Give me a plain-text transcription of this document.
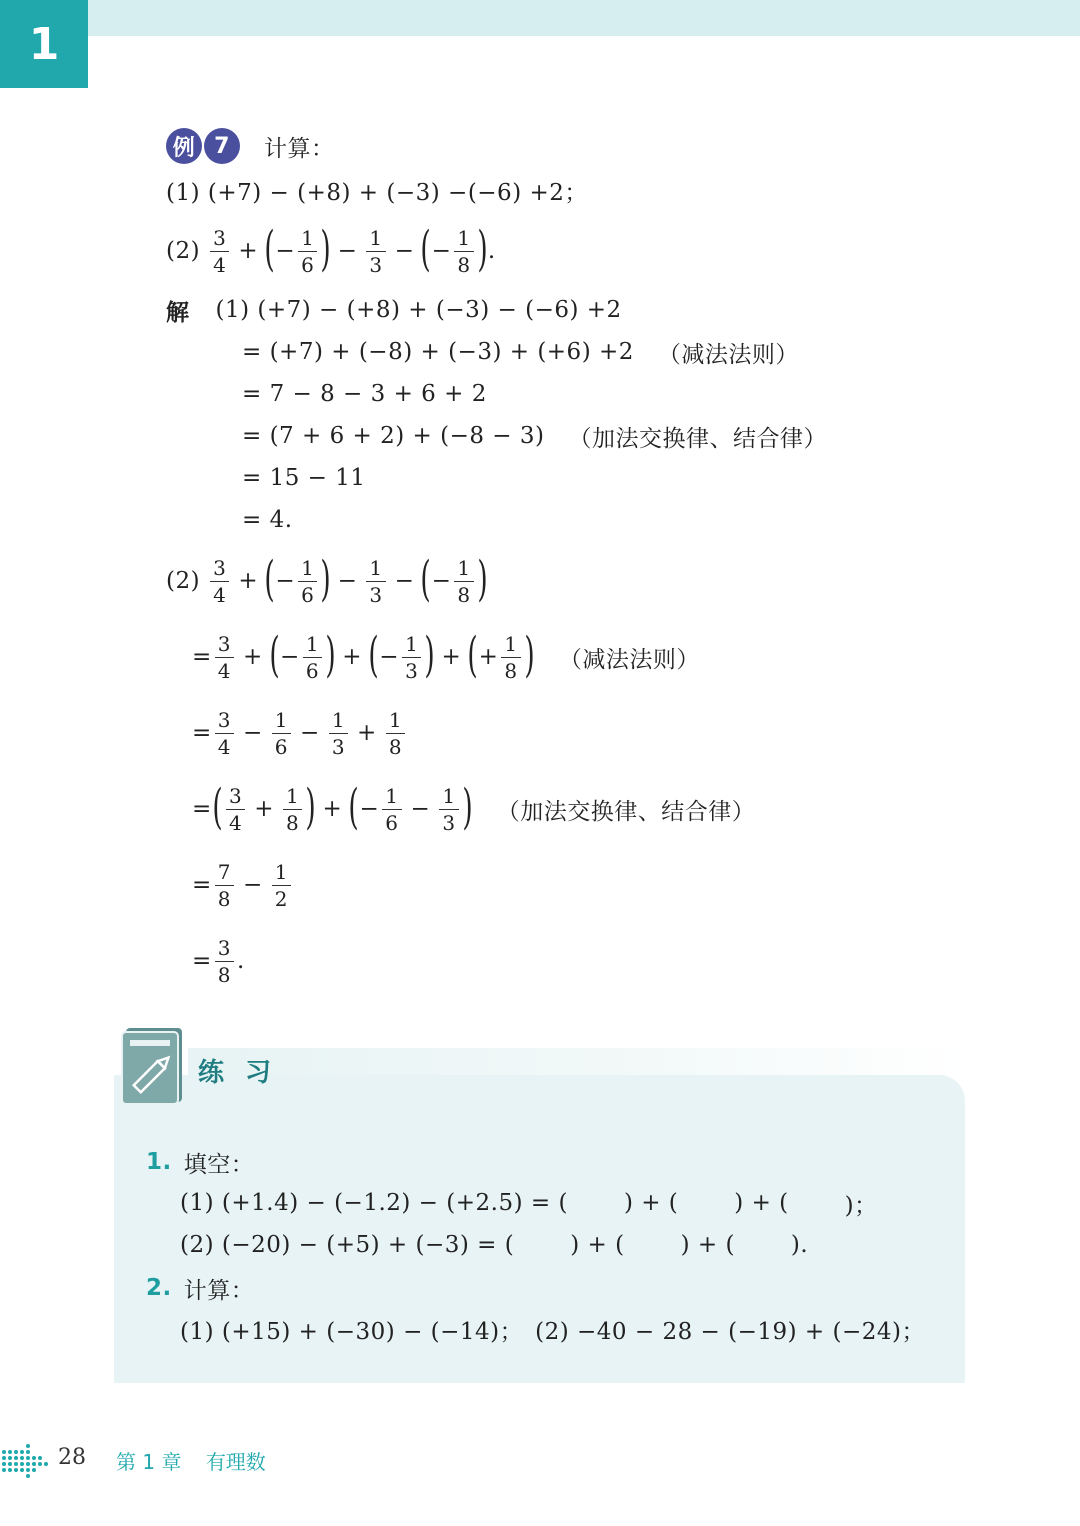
1
例 7	计算：
(1) (+7) − (+8) + (−3) −(−6) +2；
$(2) \frac{3}{4}$ + ( − $\frac{1}{6}$ ) − $\frac{1}{3}$ − ( − $\frac{1}{8}$ ) .
解 (1) (+7) − (+8) + (−3) − (−6) +2
= (+7) + (−8) + (−3) + (+6) +2 （减法法则）
= 7 − 8 − 3 + 6 + 2
= (7 + 6 + 2) + (−8 − 3) （加法交换律、结合律）
= 15 − 11
= 4.
$(2) \frac{3}{4}$ + ( − $\frac{1}{6}$ ) − $\frac{1}{3}$ − ( − $\frac{1}{8}$ )
= $\frac{3}{4}$ + ( − $\frac{1}{6}$ ) + ( − $\frac{1}{3}$ ) + ( + $\frac{1}{8}$ ) （减法法则）
= $\frac{3}{4} - \frac{1}{6} - \frac{1}{3} + \frac{1}{8}$
= ( $\frac{3}{4} + \frac{1}{8}$ ) + ( − $\frac{1}{6} - \frac{1}{3}$ ) （加法交换律、结合律）
= $\frac{7}{8} - \frac{1}{2}$
= $\frac{3}{8}$ .
练 习
1. 填空：
(1) (+1.4) − (−1.2) − (+2.5) = ( ) + ( ) + ( )；
(2) (−20) − (+5) + (−3) = ( ) + ( ) + ( ).
2. 计算：
(1) (+15) + (−30) − (−14)；　(2) −40 − 28 − (−19) + (−24)；
28 第 1 章 有理数
